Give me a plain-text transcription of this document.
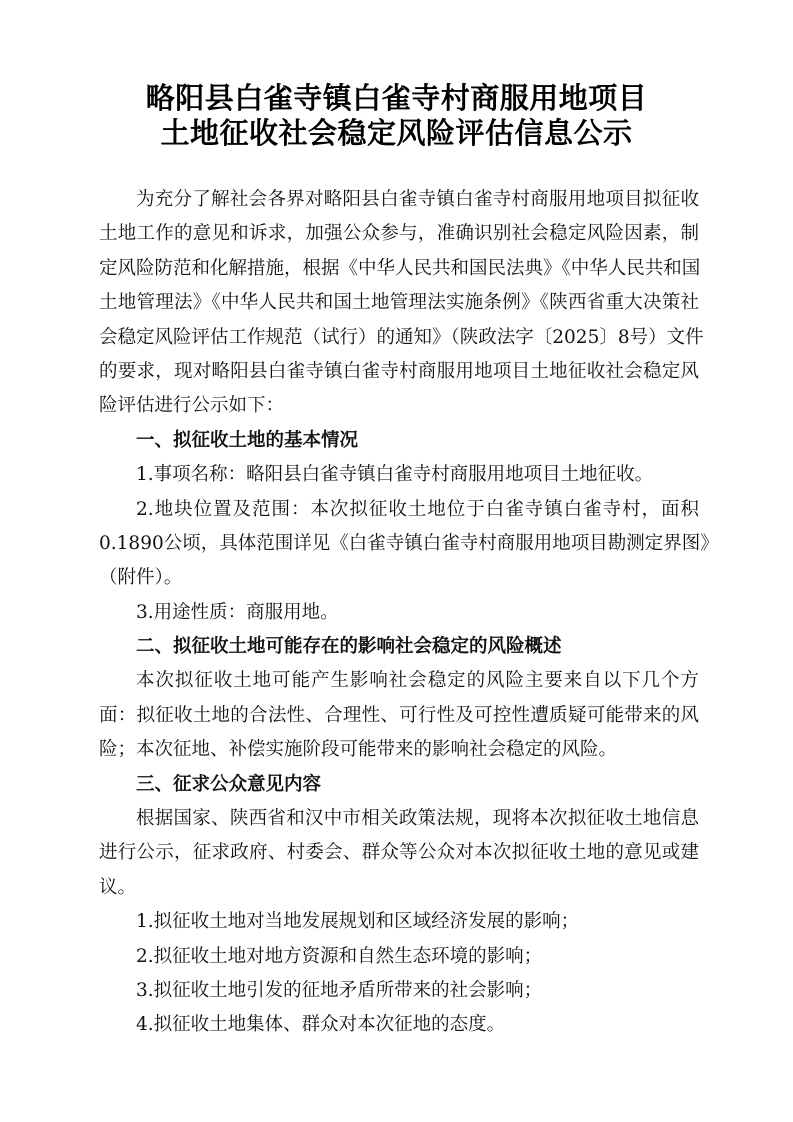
略阳县白雀寺镇白雀寺村商服用地项目
土地征收社会稳定风险评估信息公示
为充分了解社会各界对略阳县白雀寺镇白雀寺村商服用地项目拟征收
土地工作的意见和诉求，加强公众参与，准确识别社会稳定风险因素，制
定风险防范和化解措施，根据《中华人民共和国民法典》《中华人民共和国
土地管理法》《中华人民共和国土地管理法实施条例》《陕西省重大决策社
会稳定风险评估工作规范（试行）的通知》（陕政法字〔2025〕8号）文件
的要求，现对略阳县白雀寺镇白雀寺村商服用地项目土地征收社会稳定风
险评估进行公示如下：
一、拟征收土地的基本情况
1.事项名称：略阳县白雀寺镇白雀寺村商服用地项目土地征收。
2.地块位置及范围：本次拟征收土地位于白雀寺镇白雀寺村，面积
0.1890公顷，具体范围详见《白雀寺镇白雀寺村商服用地项目勘测定界图》
（附件）。
3.用途性质：商服用地。
二、拟征收土地可能存在的影响社会稳定的风险概述
本次拟征收土地可能产生影响社会稳定的风险主要来自以下几个方
面：拟征收土地的合法性、合理性、可行性及可控性遭质疑可能带来的风
险；本次征地、补偿实施阶段可能带来的影响社会稳定的风险。
三、征求公众意见内容
根据国家、陕西省和汉中市相关政策法规，现将本次拟征收土地信息
进行公示，征求政府、村委会、群众等公众对本次拟征收土地的意见或建
议。
1.拟征收土地对当地发展规划和区域经济发展的影响；
2.拟征收土地对地方资源和自然生态环境的影响；
3.拟征收土地引发的征地矛盾所带来的社会影响；
4.拟征收土地集体、群众对本次征地的态度。
